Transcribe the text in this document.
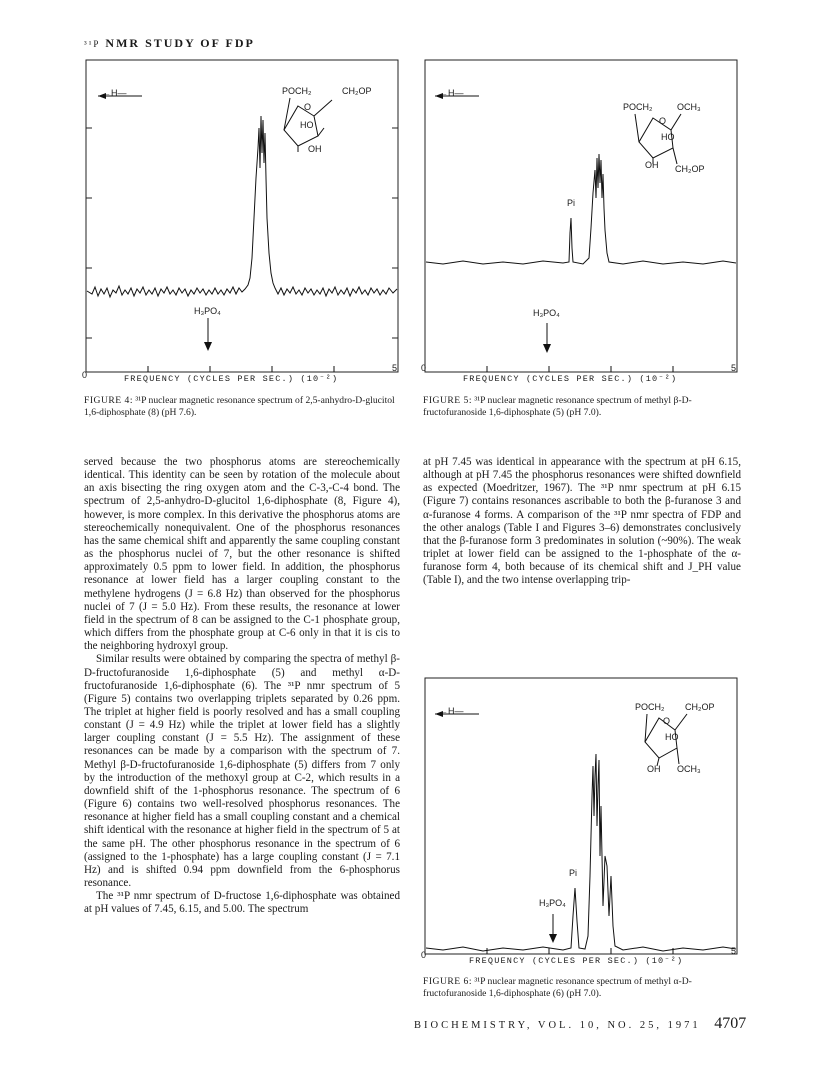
³¹P NMR STUDY OF FDP
←H—	POCH₂	CH₂OP
O
HO
OH
H₃PO₄
0
5
FREQUENCY (CYCLES PER SEC.) (10⁻²)
FIGURE 4: ³¹P nuclear magnetic resonance spectrum of 2,5-anhydro-D-glucitol 1,6-diphosphate (8) (pH 7.6).
←H—
POCH₂	OCH₃
O
HO
OH CH₂OP
Pi
H₃PO₄
0	5
FREQUENCY (CYCLES PER SEC.) (10⁻²)
FIGURE 5: ³¹P nuclear magnetic resonance spectrum of methyl β-D-fructofuranoside 1,6-diphosphate (5) (pH 7.0).

served because the two phosphorus atoms are stereochemically identical. This identity can be seen by rotation of the molecule about an axis bisecting the ring oxygen atom and the C-3,-C-4 bond. The spectrum of 2,5-anhydro-D-glucitol 1,6-diphosphate (8, Figure 4), however, is more complex. In this derivative the phosphorus atoms are stereochemically nonequivalent. One of the phosphorus resonances has the same chemical shift and apparently the same coupling constant as the phosphorus nuclei of 7, but the other resonance is shifted approximately 0.5 ppm to lower field. In addition, the phosphorus resonance at lower field has a larger coupling constant to the methylene hydrogens (J = 6.8 Hz) than observed for the phosphorus nuclei of 7 (J = 5.0 Hz). From these results, the resonance at lower field in the spectrum of 8 can be assigned to the C-1 phosphate group, which differs from the phosphate group at C-6 only in that it is cis to the neighboring hydroxyl group.

Similar results were obtained by comparing the spectra of methyl β-D-fructofuranoside 1,6-diphosphate (5) and methyl α-D-fructofuranoside 1,6-diphosphate (6). The ³¹P nmr spectrum of 5 (Figure 5) contains two overlapping triplets separated by 0.26 ppm. The triplet at higher field is poorly resolved and has a small coupling constant (J = 4.9 Hz) while the triplet at lower field has a slightly larger coupling constant (J = 5.5 Hz). The assignment of these resonances can be made by a comparison with the spectrum of 7. Methyl β-D-fructofuranoside 1,6-diphosphate (5) differs from 7 only by the introduction of the methoxyl group at C-2, which results in a downfield shift of the 1-phosphorus resonance. The spectrum of 6 (Figure 6) contains two well-resolved phosphorus resonances. The resonance at higher field has a small coupling constant and a chemical shift identical with the resonance at higher field in the spectrum of 5 at the same pH. The other phosphorus resonance in the spectrum of 6 (assigned to the 1-phosphate) has a large coupling constant (J = 7.1 Hz) and is shifted 0.94 ppm downfield from the 6-phosphorus resonance.

The ³¹P nmr spectrum of D-fructose 1,6-diphosphate was obtained at pH values of 7.45, 6.15, and 5.00. The spectrum

at pH 7.45 was identical in appearance with the spectrum at pH 6.15, although at pH 7.45 the phosphorus resonances were shifted downfield as expected (Moedritzer, 1967). The ³¹P nmr spectrum at pH 6.15 (Figure 7) contains resonances ascribable to both the β-furanose 3 and α-furanose 4 forms. A comparison of the ³¹P nmr spectra of FDP and the other analogs (Table I and Figures 3–6) demonstrates conclusively that the β-furanose form 3 predominates in solution (~90%). The weak triplet at lower field can be assigned to the 1-phosphate of the α-furanose form 4, both because of its chemical shift and J_PH value (Table I), and the two intense overlapping trip-

←H—	POCH₂ CH₂OP
O
HO
OH OCH₃
Pi
H₃PO₄
0	5
FREQUENCY (CYCLES PER SEC.) (10⁻²)
FIGURE 6: ³¹P nuclear magnetic resonance spectrum of methyl α-D-fructofuranoside 1,6-diphosphate (6) (pH 7.0).
BIOCHEMISTRY, VOL. 10, NO. 25, 1971 4707
